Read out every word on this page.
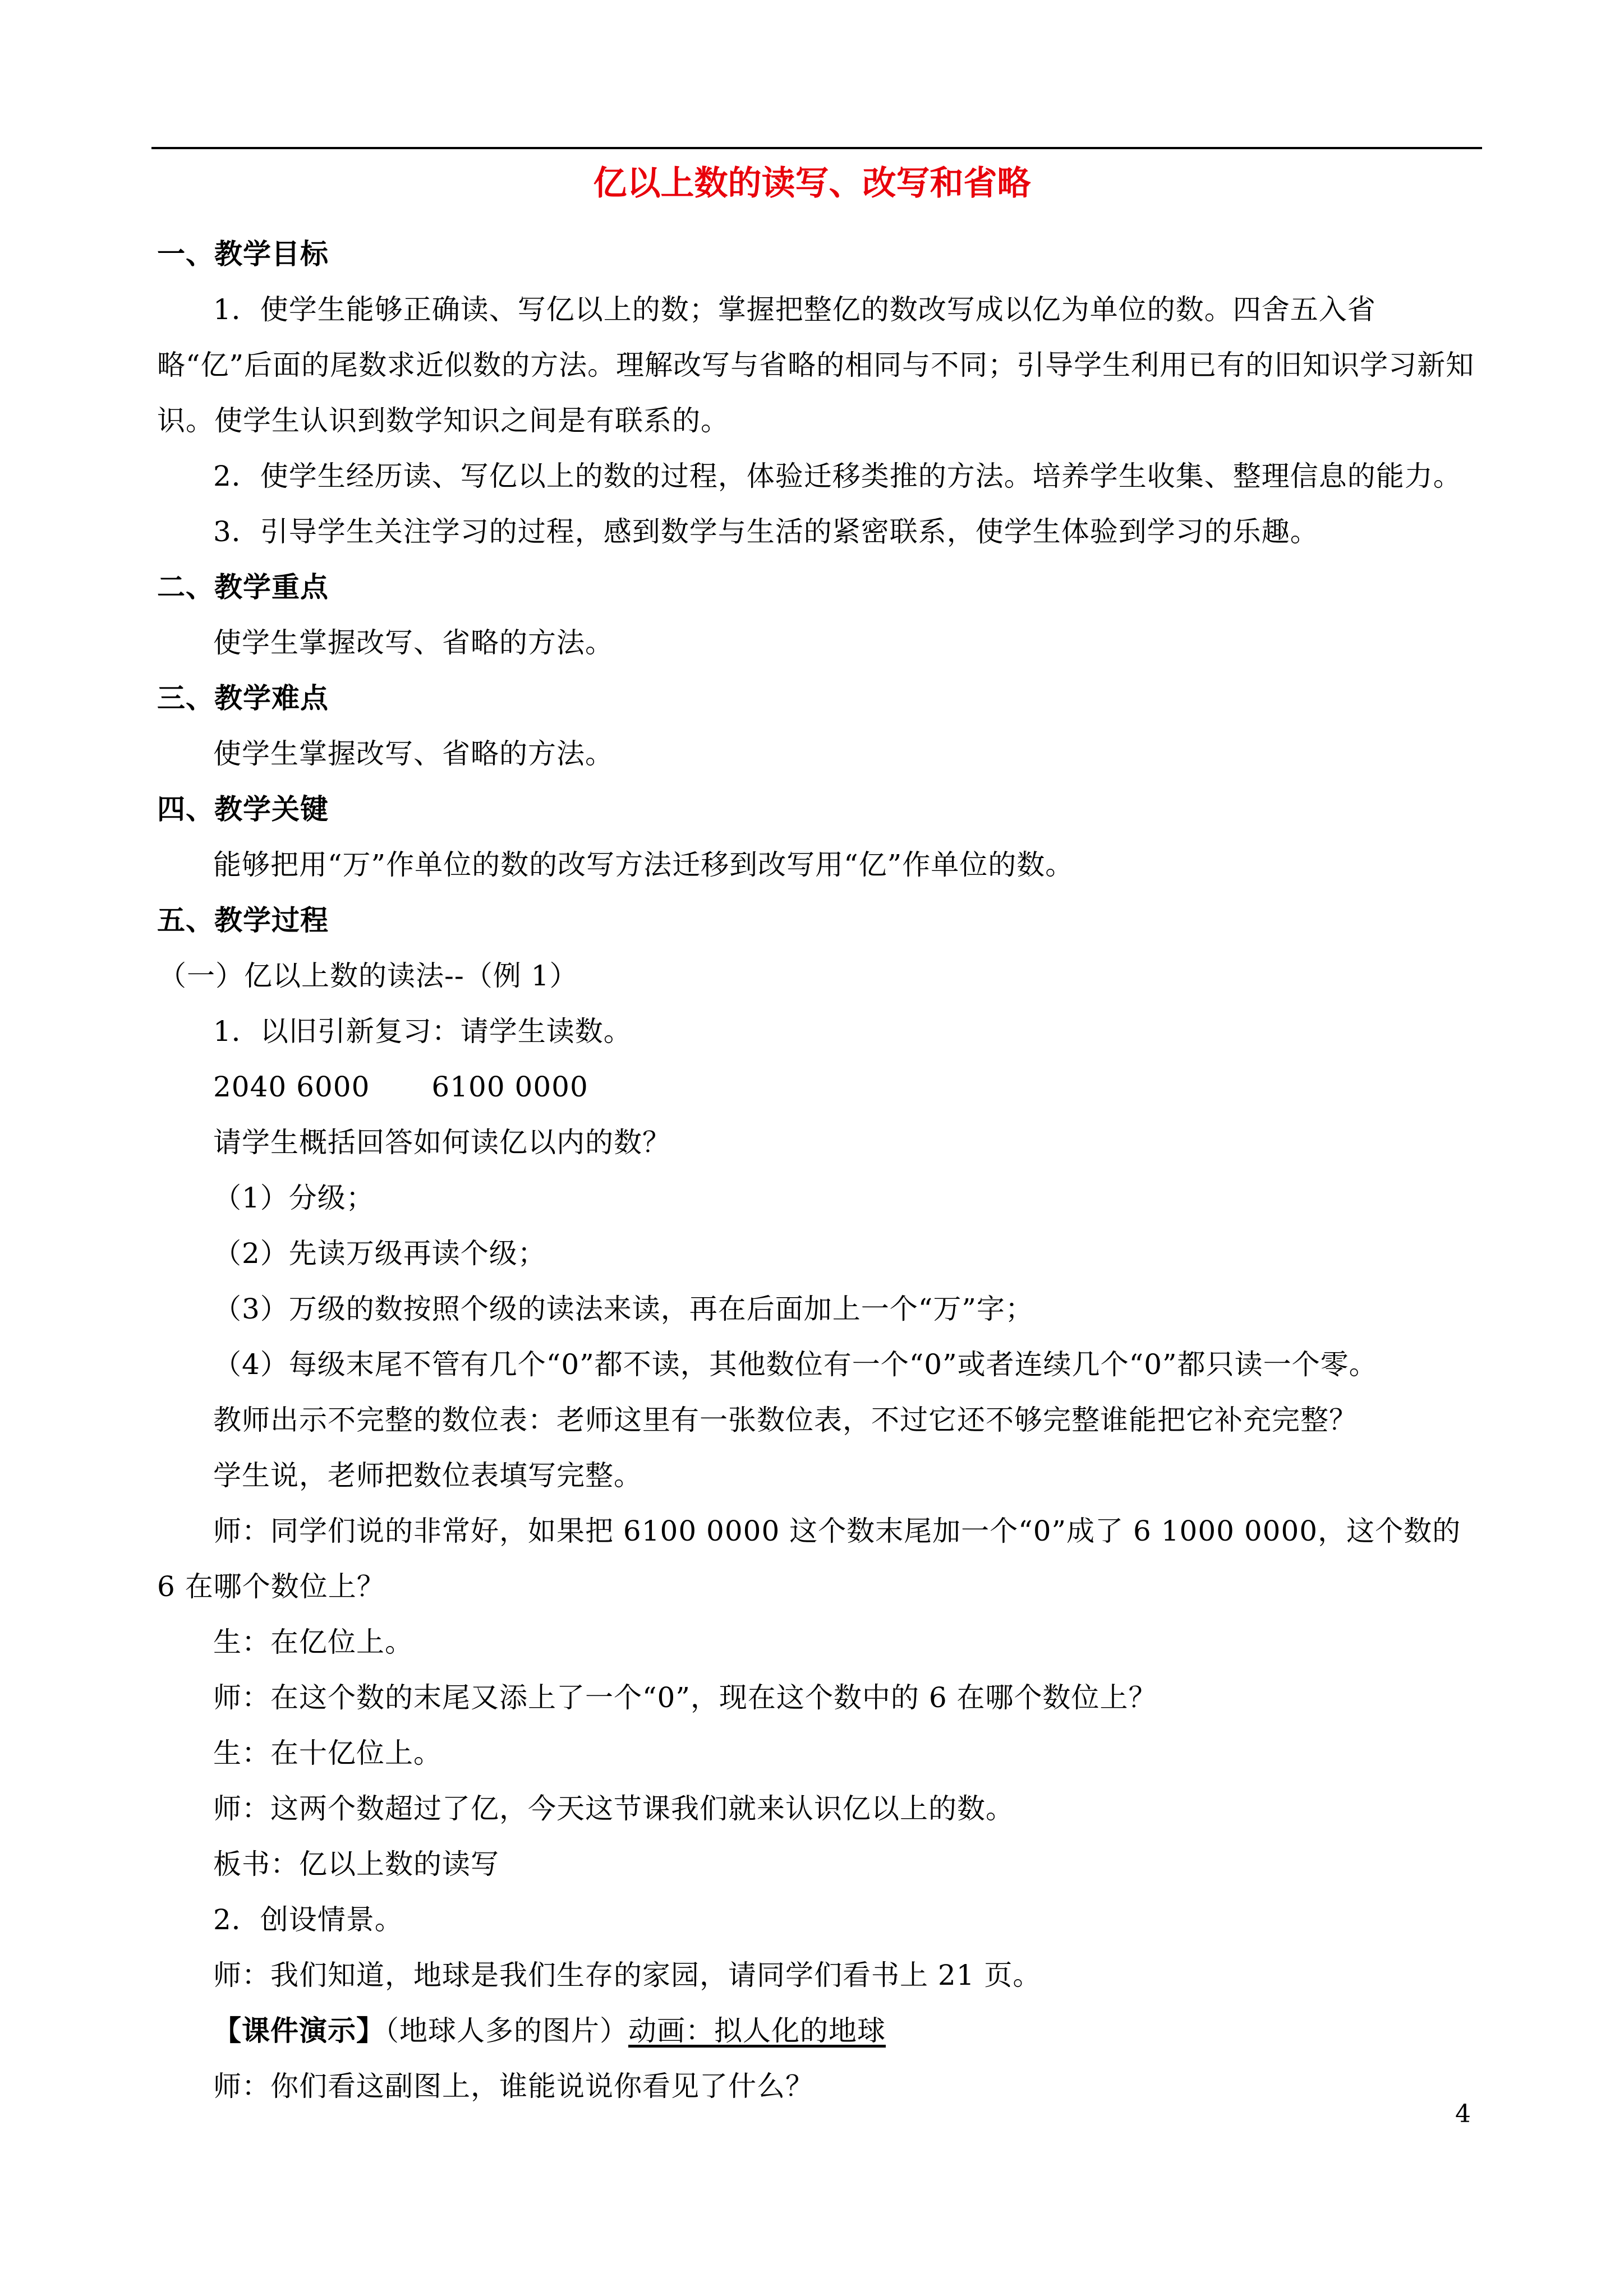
亿以上数的读写、改写和省略

一、教学目标

1．使学生能够正确读、写亿以上的数；掌握把整亿的数改写成以亿为单位的数。四舍五入省略“亿”后面的尾数求近似数的方法。理解改写与省略的相同与不同；引导学生利用已有的旧知识学习新知识。使学生认识到数学知识之间是有联系的。

2．使学生经历读、写亿以上的数的过程，体验迁移类推的方法。培养学生收集、整理信息的能力。

3．引导学生关注学习的过程，感到数学与生活的紧密联系，使学生体验到学习的乐趣。

二、教学重点

使学生掌握改写、省略的方法。

三、教学难点

使学生掌握改写、省略的方法。

四、教学关键

能够把用“万”作单位的数的改写方法迁移到改写用“亿”作单位的数。

五、教学过程

（一）亿以上数的读法--（例 1）

1．以旧引新复习：请学生读数。

2040 6000 6100 0000

请学生概括回答如何读亿以内的数？

（1）分级；

（2）先读万级再读个级；

（3）万级的数按照个级的读法来读，再在后面加上一个“万”字；

（4）每级末尾不管有几个“0”都不读，其他数位有一个“0”或者连续几个“0”都只读一个零。

教师出示不完整的数位表：老师这里有一张数位表，不过它还不够完整谁能把它补充完整？

学生说，老师把数位表填写完整。

师：同学们说的非常好，如果把 6100 0000 这个数末尾加一个“0”成了 6 1000 0000，这个数的 6 在哪个数位上？

生：在亿位上。

师：在这个数的末尾又添上了一个“0”，现在这个数中的 6 在哪个数位上？

生：在十亿位上。

师：这两个数超过了亿，今天这节课我们就来认识亿以上的数。

板书：亿以上数的读写

2．创设情景。

师：我们知道，地球是我们生存的家园，请同学们看书上 21 页。

【课件演示】（地球人多的图片）动画：拟人化的地球

师：你们看这副图上，谁能说说你看见了什么？

4
